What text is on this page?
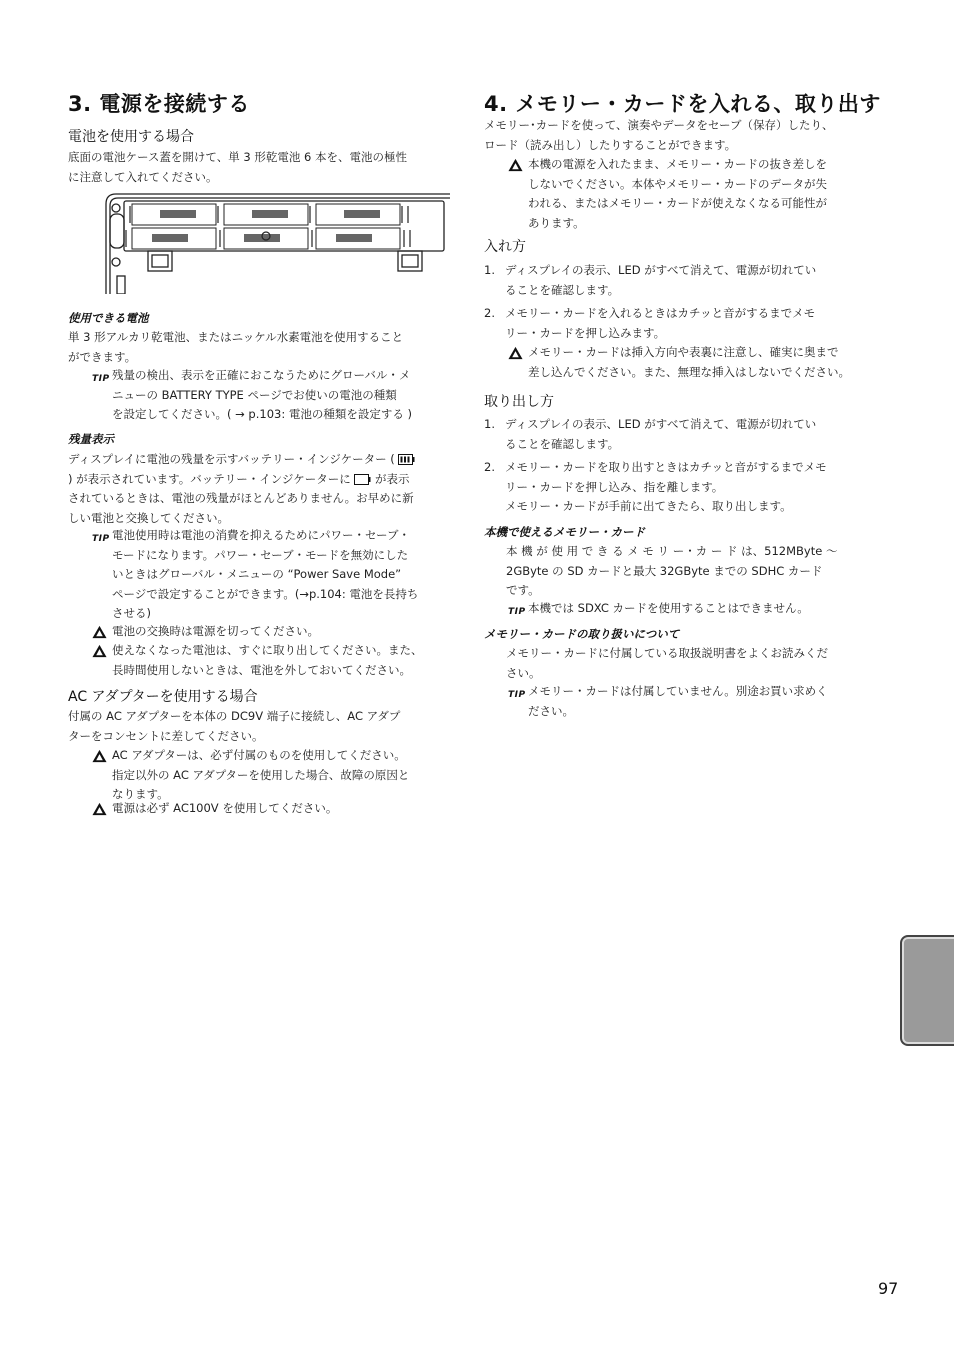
3. 電源を接続する
電池を使用する場合

底面の電池ケース蓋を開けて、単 3 形乾電池 6 本を、電池の極性

に注意して入れてください。

使用できる電池

単 3 形アルカリ乾電池、またはニッケル水素電池を使用すること

ができます。

TIP 残量の検出、表示を正確におこなうためにグローバル・メ
ニューの BATTERY TYPE ページでお使いの電池の種類
を設定してください。( → p.103: 電池の種類を設定する )
残量表示

ディスプレイに電池の残量を示すバッテリー・インジケーター (

) が表示されています。バッテリー・インジケーターに が表示

されているときは、電池の残量がほとんどありません。お早めに新

しい電池と交換してください。

TIP 電池使用時は電池の消費を抑えるためにパワー・セーブ・
モードになります。パワー・セーブ・モードを無効にした
いときはグローバル・メニューの “Power Save Mode”
ページで設定することができます。(→p.104: 電池を長持ち
させる)
電池の交換時は電源を切ってください。
使えなくなった電池は、すぐに取り出してください。また、
長時間使用しないときは、電池を外しておいてください。
AC アダプターを使用する場合

付属の AC アダプターを本体の DC9V 端子に接続し、AC アダプ

ターをコンセントに差してください。

AC アダプターは、必ず付属のものを使用してください。
指定以外の AC アダプターを使用した場合、故障の原因と
なります。
電源は必ず AC100V を使用してください。
4. メモリー・カードを入れる、取り出す

メモリー･カードを使って、演奏やデータをセーブ（保存）したり、

ロード（読み出し）したりすることができます。

本機の電源を入れたまま、メモリー・カードの抜き差しを
しないでください。本体やメモリー・カードのデータが失
われる、またはメモリー・カードが使えなくなる可能性が
あります。
入れ方
1. ディスプレイの表示、LED がすべて消えて、電源が切れてい
ることを確認します。
2. メモリー・カードを入れるときはカチッと音がするまでメモ
リー・カードを押し込みます。
メモリー・カードは挿入方向や表裏に注意し、確実に奥まで
差し込んでください。また、無理な挿入はしないでください。
取り出し方
1. ディスプレイの表示、LED がすべて消えて、電源が切れてい
ることを確認します。
2. メモリー・カードを取り出すときはカチッと音がするまでメモ
リー・カードを押し込み、指を離します。
メモリー・カードが手前に出てきたら、取り出します。
本機で使えるメモリー・カード

本 機 が 使 用 で き る メ モ リ ー・カ ー ド は、512MByte ～

2GByte の SD カードと最大 32GByte までの SDHC カード

です。

TIP 本機では SDXC カードを使用することはできません。
メモリー・カードの取り扱いについて

メモリー・カードに付属している取扱説明書をよくお読みくだ

さい。

TIP メモリー・カードは付属していません。別途お買い求めく
ださい。
97
